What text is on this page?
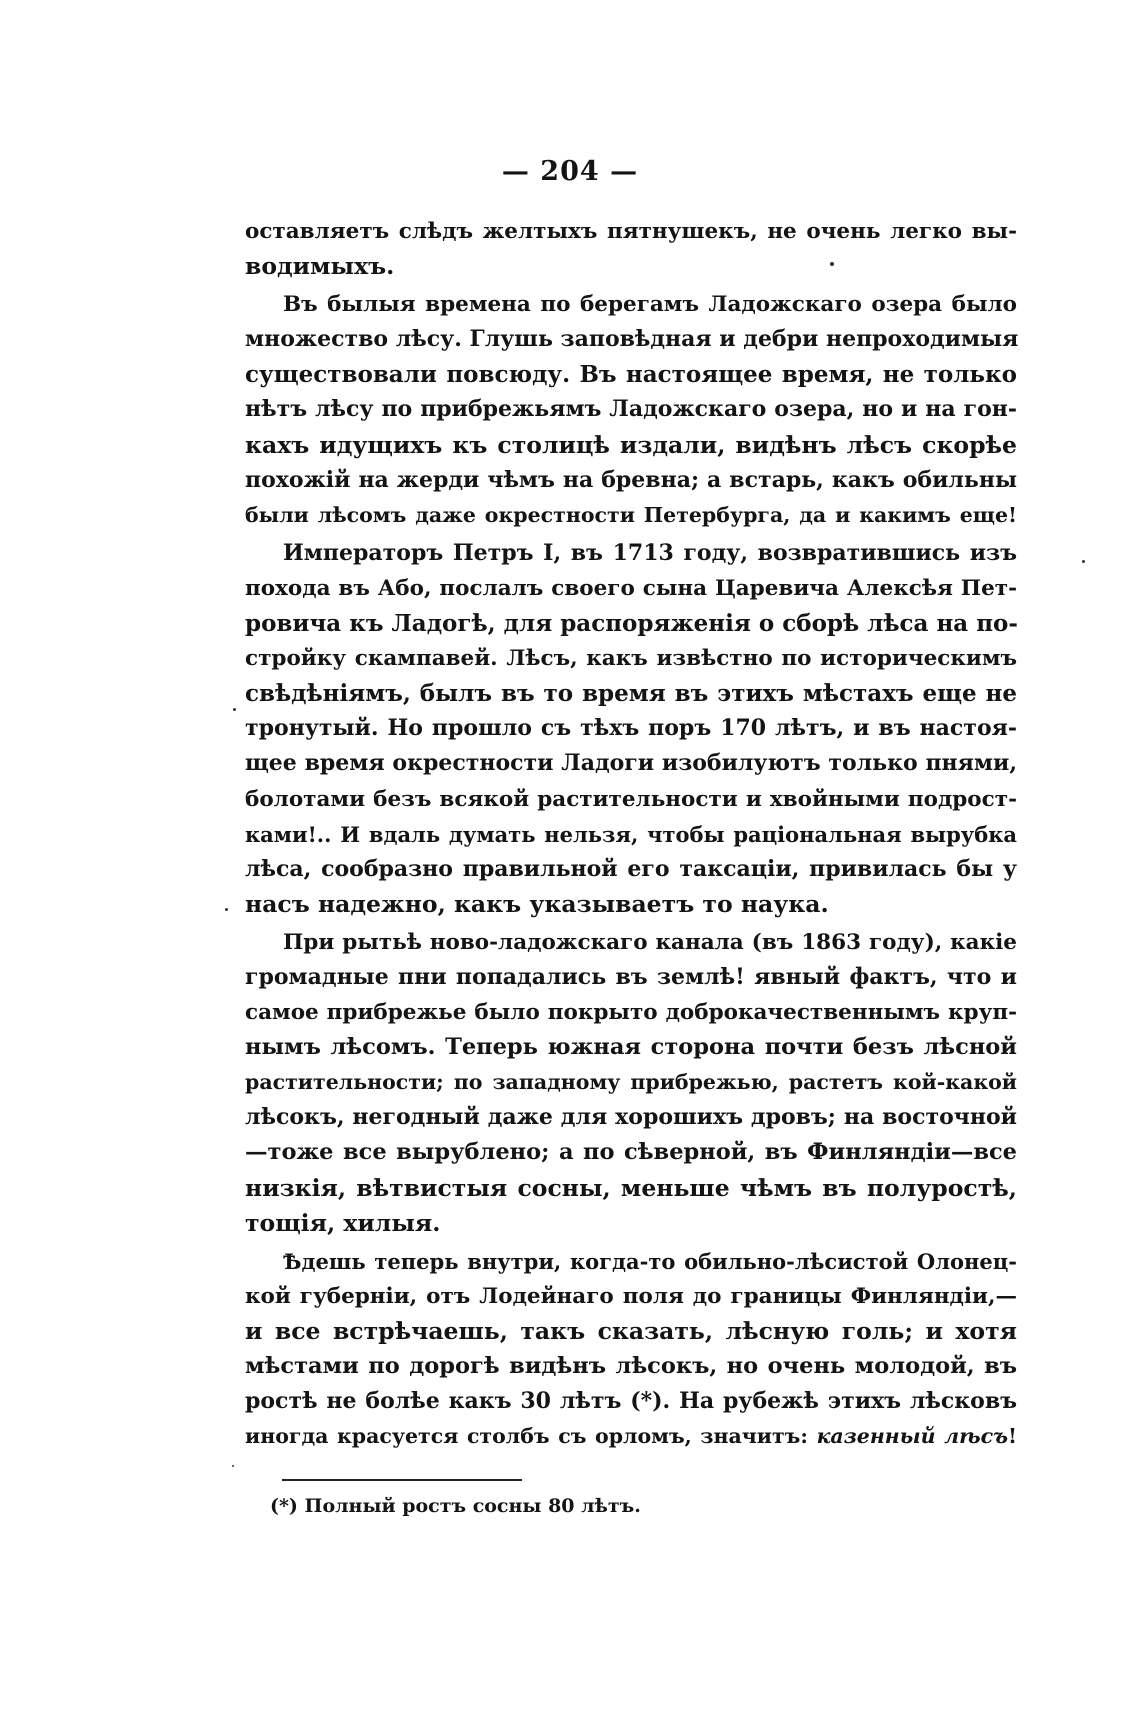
— 204 —
оставляетъ слѣдъ желтыхъ пятнушекъ, не очень легко вы-
водимыхъ.
Въ былыя времена по берегамъ Ладожскаго озера было
множество лѣсу. Глушь заповѣдная и дебри непроходимыя
существовали повсюду. Въ настоящее время, не только
нѣтъ лѣсу по прибрежьямъ Ладожскаго озера, но и на гон-
кахъ идущихъ къ столицѣ издали, видѣнъ лѣсъ скорѣе
похожій на жерди чѣмъ на бревна; а встарь, какъ обильны
были лѣсомъ даже окрестности Петербурга, да и какимъ еще!
Императоръ Петръ I, въ 1713 году, возвратившись изъ
похода въ Або, послалъ своего сына Царевича Алексѣя Пет-
ровича къ Ладогѣ, для распоряженія о сборѣ лѣса на по-
стройку скампавей. Лѣсъ, какъ извѣстно по историческимъ
свѣдѣніямъ, былъ въ то время въ этихъ мѣстахъ еще не
тронутый. Но прошло съ тѣхъ поръ 170 лѣтъ, и въ настоя-
щее время окрестности Ладоги изобилуютъ только пнями,
болотами безъ всякой растительности и хвойными подрост-
ками!.. И вдаль думать нельзя, чтобы раціональная вырубка
лѣса, сообразно правильной его таксаціи, привилась бы у
насъ надежно, какъ указываетъ то наука.
При рытьѣ ново-ладожскаго канала (въ 1863 году), какіе
громадные пни попадались въ землѣ! явный фактъ, что и
самое прибрежье было покрыто доброкачественнымъ круп-
нымъ лѣсомъ. Теперь южная сторона почти безъ лѣсной
растительности; по западному прибрежью, растетъ кой-какой
лѣсокъ, негодный даже для хорошихъ дровъ; на восточной
—тоже все вырублено; а по сѣверной, въ Финляндіи—все
низкія, вѣтвистыя сосны, меньше чѣмъ въ полуростѣ,
тощія, хилыя.
Ѣдешь теперь внутри, когда-то обильно-лѣсистой Олонец-
кой губерніи, отъ Лодейнаго поля до границы Финляндіи,—
и все встрѣчаешь, такъ сказать, лѣсную голь; и хотя
мѣстами по дорогѣ видѣнъ лѣсокъ, но очень молодой, въ
ростѣ не болѣе какъ 30 лѣтъ (*). На рубежѣ этихъ лѣсковъ
иногда красуется столбъ съ орломъ, значитъ: казенный лѣсъ!
(*) Полный ростъ сосны 80 лѣтъ.
